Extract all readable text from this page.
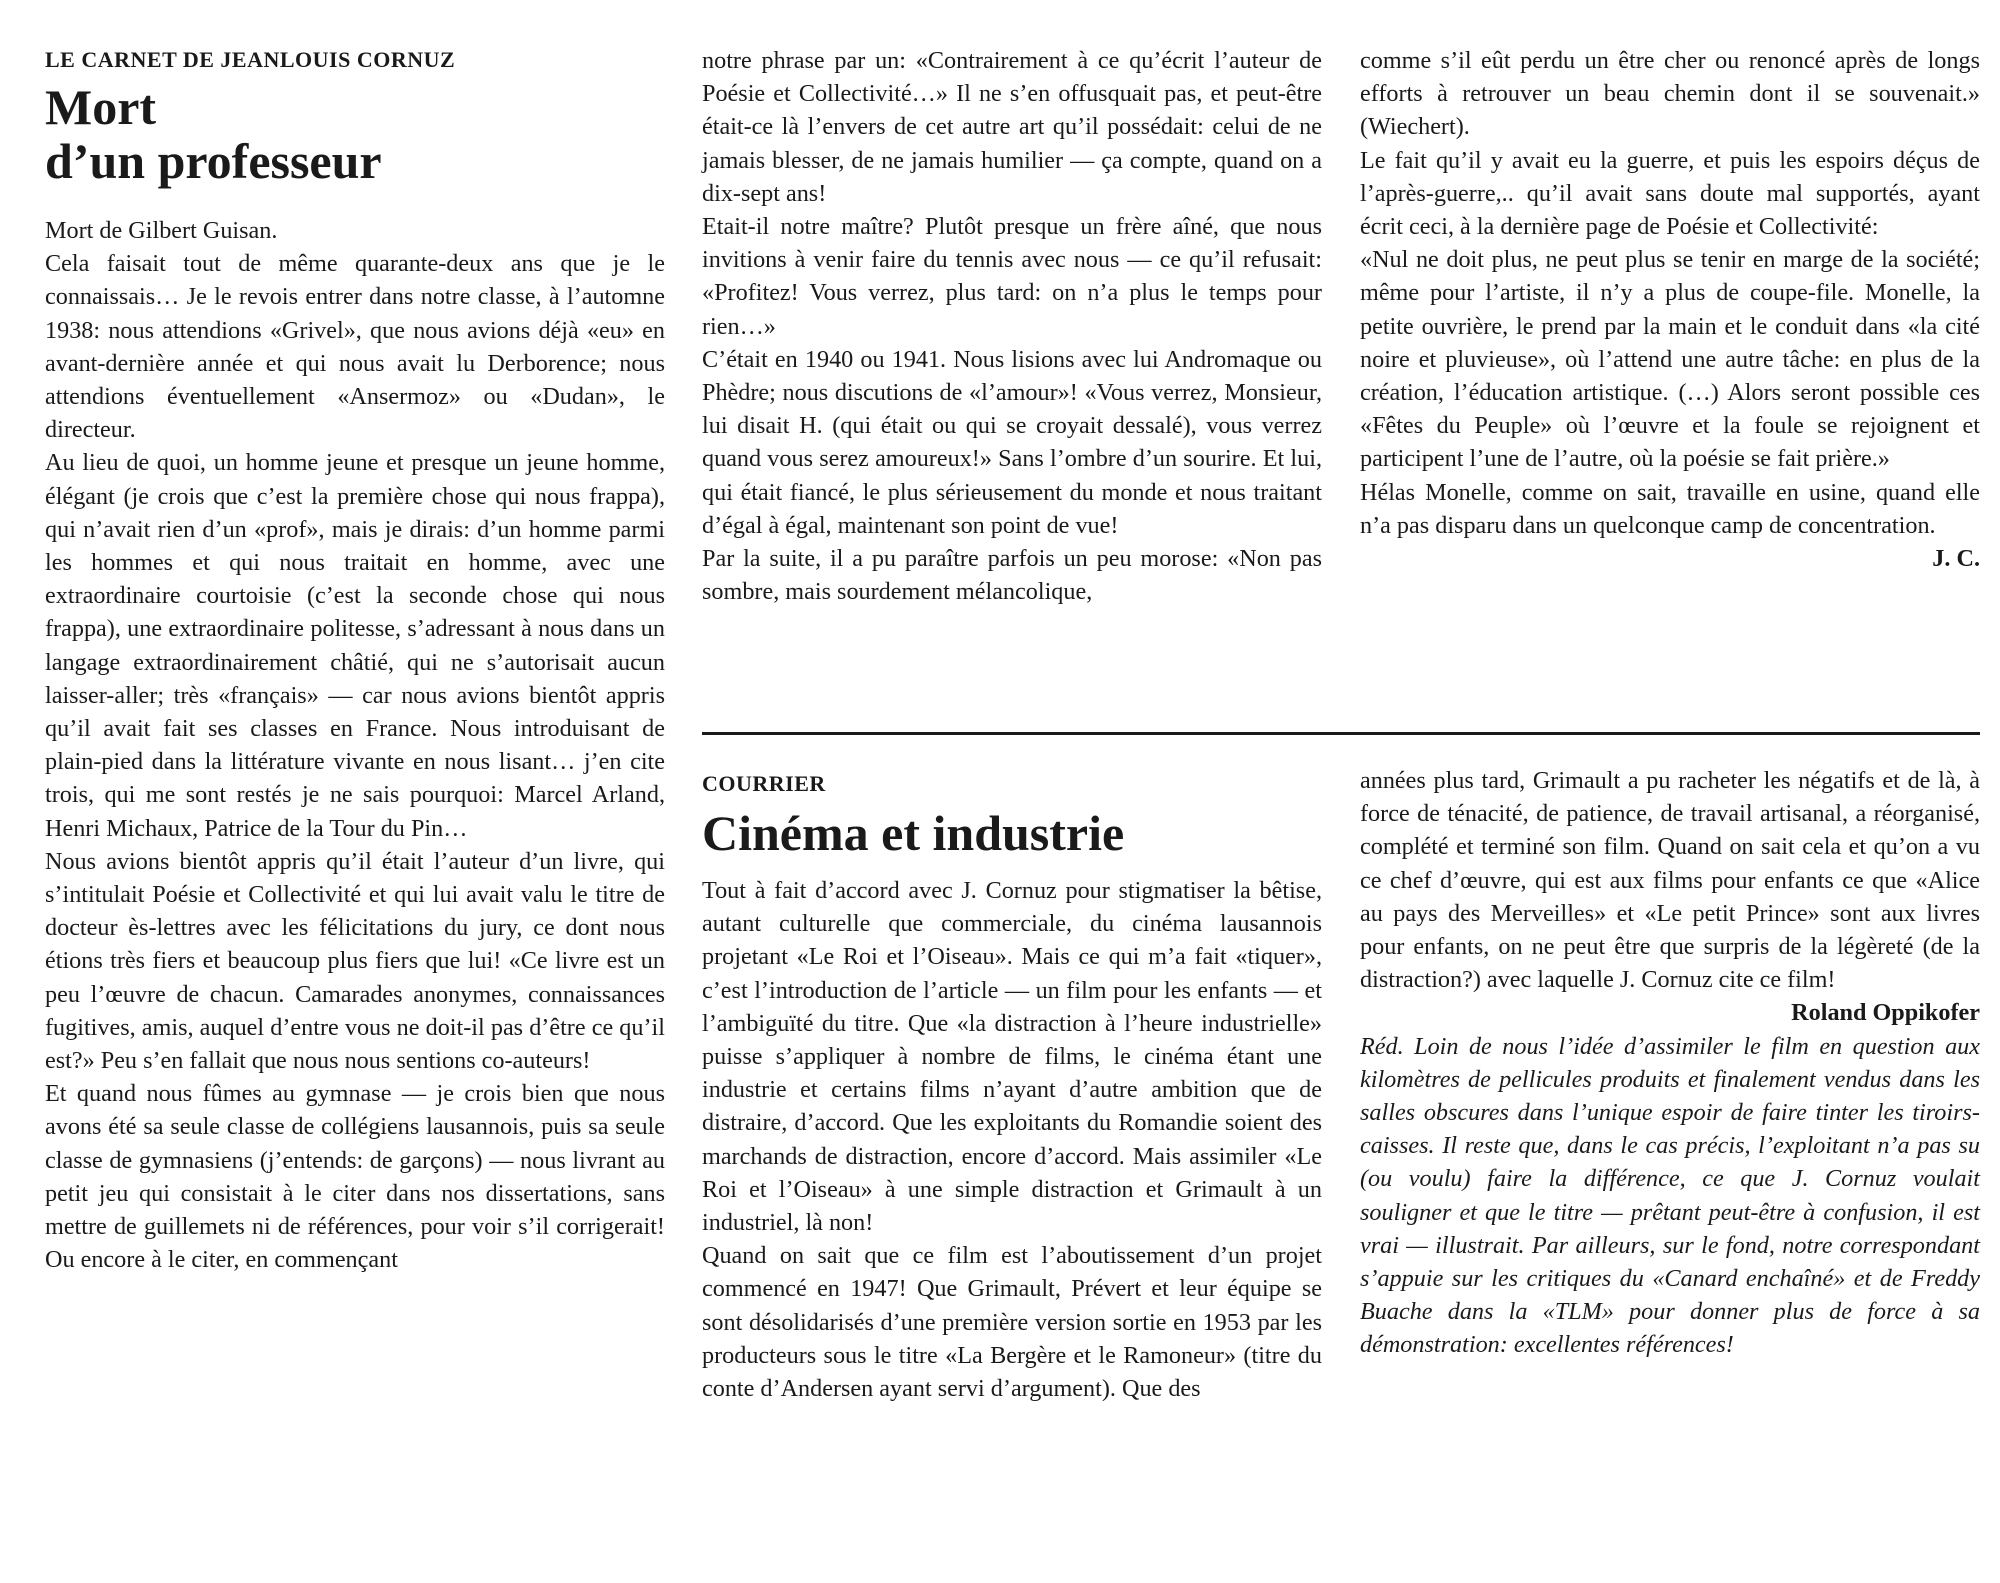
LE CARNET DE JEANLOUIS CORNUZ
Mort
d’un professeur

Mort de Gilbert Guisan.

Cela faisait tout de même quarante-deux ans que je le connaissais… Je le revois entrer dans notre classe, à l’automne 1938: nous attendions «Grivel», que nous avions déjà «eu» en avant-dernière année et qui nous avait lu Derborence; nous attendions éventuellement «Ansermoz» ou «Dudan», le directeur.

Au lieu de quoi, un homme jeune et presque un jeune homme, élégant (je crois que c’est la première chose qui nous frappa), qui n’avait rien d’un «prof», mais je dirais: d’un homme parmi les hommes et qui nous traitait en homme, avec une extraordinaire courtoisie (c’est la seconde chose qui nous frappa), une extraordinaire politesse, s’adressant à nous dans un langage extraordinairement châtié, qui ne s’autorisait aucun laisser-aller; très «français» — car nous avions bientôt appris qu’il avait fait ses classes en France. Nous introduisant de plain-pied dans la littérature vivante en nous lisant… j’en cite trois, qui me sont restés je ne sais pourquoi: Marcel Arland, Henri Michaux, Patrice de la Tour du Pin…

Nous avions bientôt appris qu’il était l’auteur d’un livre, qui s’intitulait Poésie et Collectivité et qui lui avait valu le titre de docteur ès-lettres avec les félicitations du jury, ce dont nous étions très fiers et beaucoup plus fiers que lui! «Ce livre est un peu l’œuvre de chacun. Camarades anonymes, connaissances fugitives, amis, auquel d’entre vous ne doit-il pas d’être ce qu’il est?» Peu s’en fallait que nous nous sentions co-auteurs!

Et quand nous fûmes au gymnase — je crois bien que nous avons été sa seule classe de collégiens lausannois, puis sa seule classe de gymnasiens (j’entends: de garçons) — nous livrant au petit jeu qui consistait à le citer dans nos dissertations, sans mettre de guillemets ni de références, pour voir s’il corrigerait! Ou encore à le citer, en commençant

notre phrase par un: «Contrairement à ce qu’écrit l’auteur de Poésie et Collectivité…» Il ne s’en offusquait pas, et peut-être était-ce là l’envers de cet autre art qu’il possédait: celui de ne jamais blesser, de ne jamais humilier — ça compte, quand on a dix-sept ans!

Etait-il notre maître? Plutôt presque un frère aîné, que nous invitions à venir faire du tennis avec nous — ce qu’il refusait: «Profitez! Vous verrez, plus tard: on n’a plus le temps pour rien…»

C’était en 1940 ou 1941. Nous lisions avec lui Andromaque ou Phèdre; nous discutions de «l’amour»! «Vous verrez, Monsieur, lui disait H. (qui était ou qui se croyait dessalé), vous verrez quand vous serez amoureux!» Sans l’ombre d’un sourire. Et lui, qui était fiancé, le plus sérieusement du monde et nous traitant d’égal à égal, maintenant son point de vue!

Par la suite, il a pu paraître parfois un peu morose: «Non pas sombre, mais sourdement mélancolique,

comme s’il eût perdu un être cher ou renoncé après de longs efforts à retrouver un beau chemin dont il se souvenait.» (Wiechert).

Le fait qu’il y avait eu la guerre, et puis les espoirs déçus de l’après-guerre,.. qu’il avait sans doute mal supportés, ayant écrit ceci, à la dernière page de Poésie et Collectivité:

«Nul ne doit plus, ne peut plus se tenir en marge de la société; même pour l’artiste, il n’y a plus de coupe-file. Monelle, la petite ouvrière, le prend par la main et le conduit dans «la cité noire et pluvieuse», où l’attend une autre tâche: en plus de la création, l’éducation artistique. (…) Alors seront possible ces «Fêtes du Peuple» où l’œuvre et la foule se rejoignent et participent l’une de l’autre, où la poésie se fait prière.»

Hélas Monelle, comme on sait, travaille en usine, quand elle n’a pas disparu dans un quelconque camp de concentration.

J. C.

COURRIER
Cinéma et industrie

Tout à fait d’accord avec J. Cornuz pour stigmatiser la bêtise, autant culturelle que commerciale, du cinéma lausannois projetant «Le Roi et l’Oiseau». Mais ce qui m’a fait «tiquer», c’est l’introduction de l’article — un film pour les enfants — et l’ambiguïté du titre. Que «la distraction à l’heure industrielle» puisse s’appliquer à nombre de films, le cinéma étant une industrie et certains films n’ayant d’autre ambition que de distraire, d’accord. Que les exploitants du Romandie soient des marchands de distraction, encore d’accord. Mais assimiler «Le Roi et l’Oiseau» à une simple distraction et Grimault à un industriel, là non!

Quand on sait que ce film est l’aboutissement d’un projet commencé en 1947! Que Grimault, Prévert et leur équipe se sont désolidarisés d’une première version sortie en 1953 par les producteurs sous le titre «La Bergère et le Ramoneur» (titre du conte d’Andersen ayant servi d’argument). Que des

années plus tard, Grimault a pu racheter les négatifs et de là, à force de ténacité, de patience, de travail artisanal, a réorganisé, complété et terminé son film. Quand on sait cela et qu’on a vu ce chef d’œuvre, qui est aux films pour enfants ce que «Alice au pays des Merveilles» et «Le petit Prince» sont aux livres pour enfants, on ne peut être que surpris de la légèreté (de la distraction?) avec laquelle J. Cornuz cite ce film!

Roland Oppikofer

Réd. Loin de nous l’idée d’assimiler le film en question aux kilomètres de pellicules produits et finalement vendus dans les salles obscures dans l’unique espoir de faire tinter les tiroirs-caisses. Il reste que, dans le cas précis, l’exploitant n’a pas su (ou voulu) faire la différence, ce que J. Cornuz voulait souligner et que le titre — prêtant peut-être à confusion, il est vrai — illustrait. Par ailleurs, sur le fond, notre correspondant s’appuie sur les critiques du «Canard enchaîné» et de Freddy Buache dans la «TLM» pour donner plus de force à sa démonstration: excellentes références!
